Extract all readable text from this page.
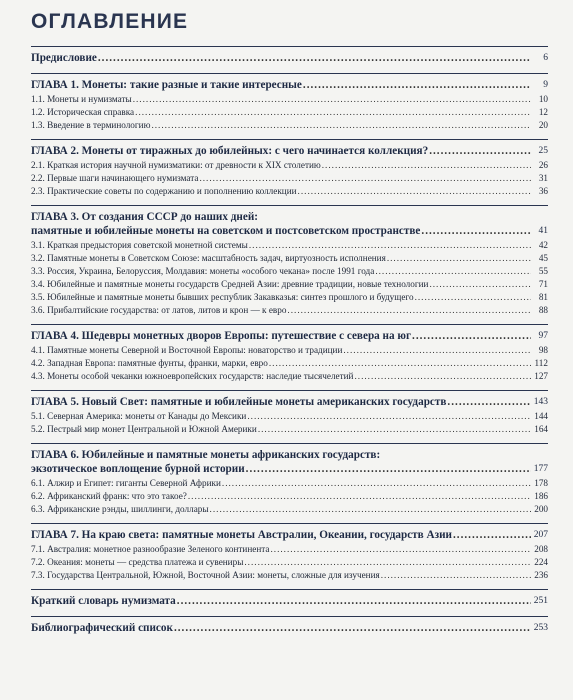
ОГЛАВЛЕНИЕ
Предисловие .....	6
ГЛАВА 1. Монеты: такие разные и такие интересные .....	9
1.1. Монеты и нумизматы .....	10
1.2. Историческая справка .....	12
1.3. Введение в терминологию .....	20
ГЛАВА 2. Монеты от тиражных до юбилейных: с чего начинается коллекция? .....	25
2.1. Краткая история научной нумизматики: от древности к XIX столетию .....	26
2.2. Первые шаги начинающего нумизмата .....	31
2.3. Практические советы по содержанию и пополнению коллекции .....	36
ГЛАВА 3. От создания СССР до наших дней:
памятные и юбилейные монеты на советском и постсоветском пространстве .....	41
3.1. Краткая предыстория советской монетной системы .....	42
3.2. Памятные монеты в Советском Союзе: масштабность задач, виртуозность исполнения .....	45
3.3. Россия, Украина, Белоруссия, Молдавия: монеты «особого чекана» после 1991 года .....	55
3.4. Юбилейные и памятные монеты государств Средней Азии: древние традиции, новые технологии .....	71
3.5. Юбилейные и памятные монеты бывших республик Закавказья: синтез прошлого и будущего .....	81
3.6. Прибалтийские государства: от латов, литов и крон — к евро .....	88
ГЛАВА 4. Шедевры монетных дворов Европы: путешествие с севера на юг .....	97
4.1. Памятные монеты Северной и Восточной Европы: новаторство и традиции .....	98
4.2. Западная Европа: памятные фунты, франки, марки, евро .....	112
4.3. Монеты особой чеканки южноевропейских государств: наследие тысячелетий .....	127
ГЛАВА 5. Новый Свет: памятные и юбилейные монеты американских государств .....	143
5.1. Северная Америка: монеты от Канады до Мексики .....	144
5.2. Пестрый мир монет Центральной и Южной Америки .....	164
ГЛАВА 6. Юбилейные и памятные монеты африканских государств:
экзотическое воплощение бурной истории .....	177
6.1. Алжир и Египет: гиганты Северной Африки .....	178
6.2. Африканский франк: что это такое? .....	186
6.3. Африканские рэнды, шиллинги, доллары .....	200
ГЛАВА 7. На краю света: памятные монеты Австралии, Океании, государств Азии .....	207
7.1. Австралия: монетное разнообразие Зеленого континента .....	208
7.2. Океания: монеты — средства платежа и сувениры .....	224
7.3. Государства Центральной, Южной, Восточной Азии: монеты, сложные для изучения .....	236
Краткий словарь нумизмата .....	251
Библиографический список .....	253
